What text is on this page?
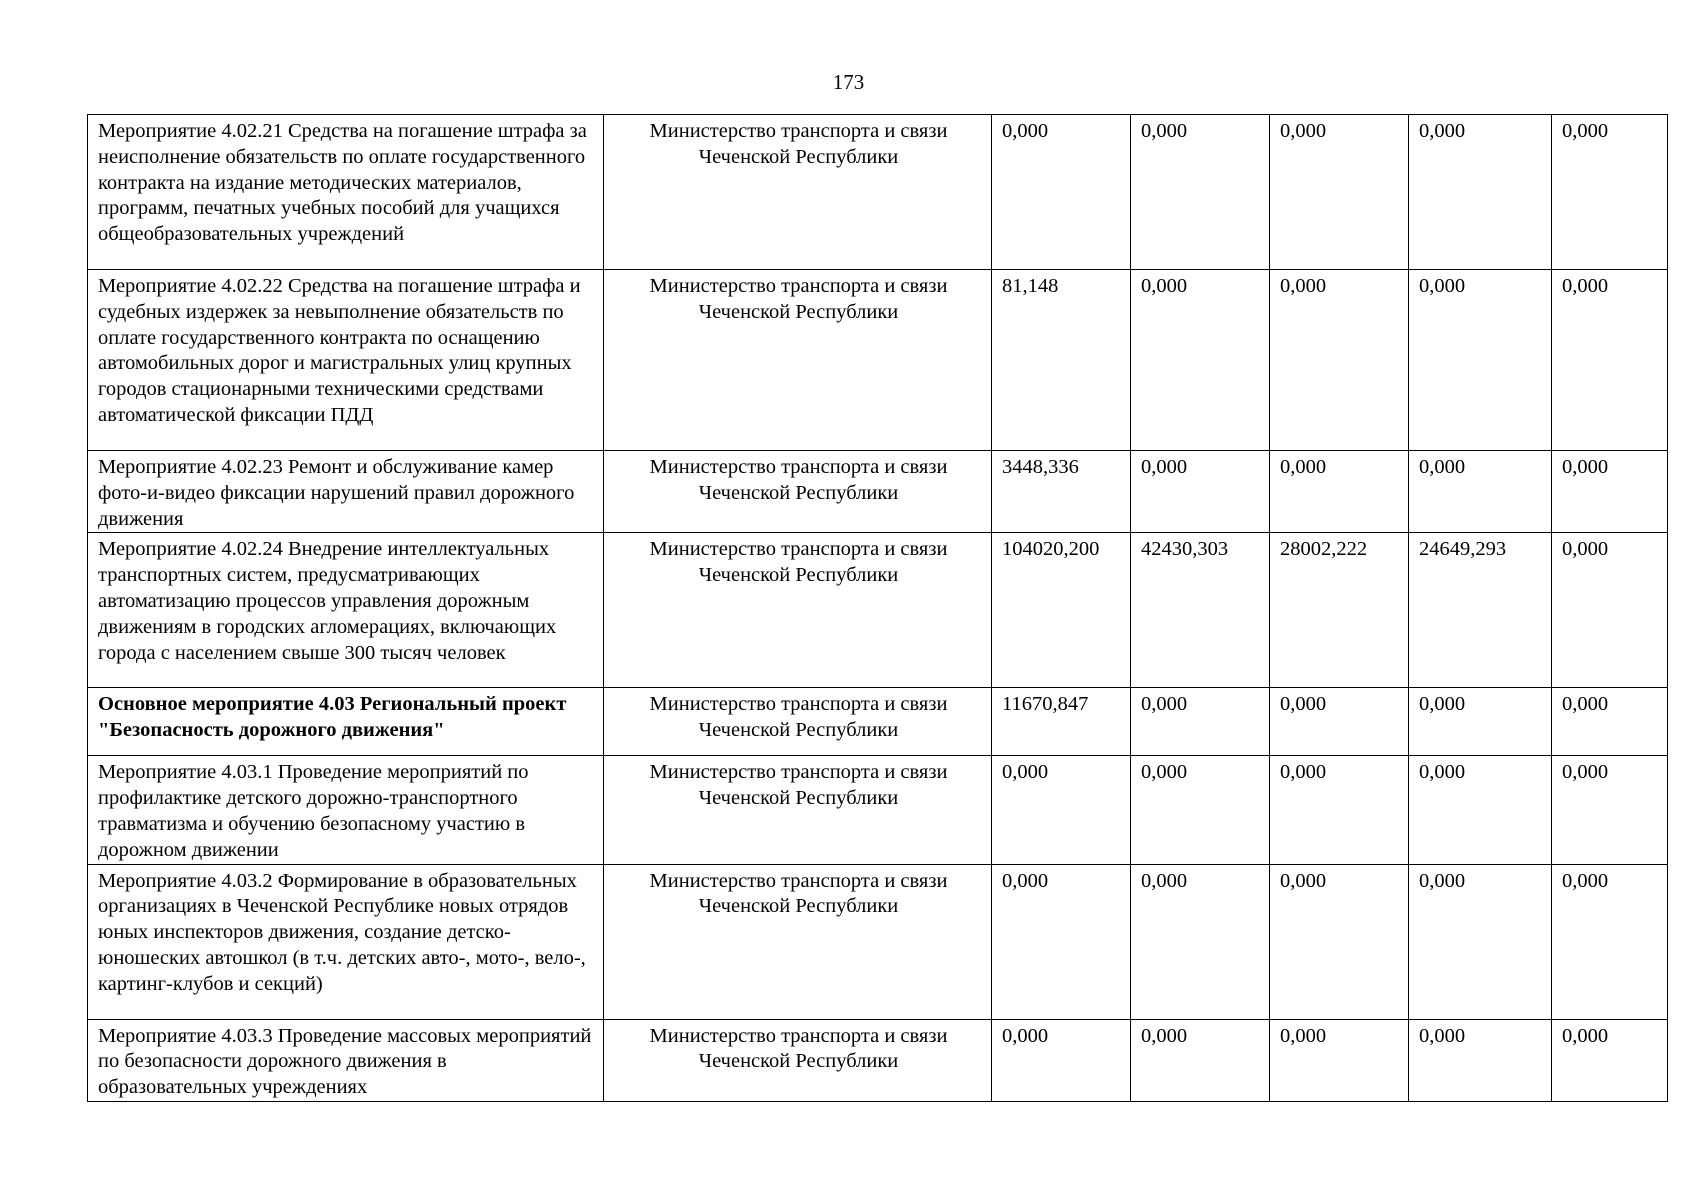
173
Мероприятие 4.02.21 Средства на погашение штрафа за неисполнение обязательств по оплате государственного контракта на издание методических материалов, программ, печатных учебных пособий для учащихся общеобразовательных учреждений	Министерство транспорта и связи Чеченской Республики	0,000	0,000	0,000	0,000	0,000
Мероприятие 4.02.22 Средства на погашение штрафа и судебных издержек за невыполнение обязательств по оплате государственного контракта по оснащению автомобильных дорог и магистральных улиц крупных городов стационарными техническими средствами автоматической фиксации ПДД	Министерство транспорта и связи Чеченской Республики	81,148	0,000	0,000	0,000	0,000
Мероприятие 4.02.23 Ремонт и обслуживание камер фото-и-видео фиксации нарушений правил дорожного движения	Министерство транспорта и связи Чеченской Республики	3448,336	0,000	0,000	0,000	0,000
Мероприятие 4.02.24 Внедрение интеллектуальных транспортных систем, предусматривающих автоматизацию процессов управления дорожным движениям в городских агломерациях, включающих города с населением свыше 300 тысяч человек	Министерство транспорта и связи Чеченской Республики	104020,200	42430,303	28002,222	24649,293	0,000
Основное мероприятие 4.03 Региональный проект "Безопасность дорожного движения"	Министерство транспорта и связи Чеченской Республики	11670,847	0,000	0,000	0,000	0,000
Мероприятие 4.03.1 Проведение мероприятий по профилактике детского дорожно-транспортного травматизма и обучению безопасному участию в дорожном движении	Министерство транспорта и связи Чеченской Республики	0,000	0,000	0,000	0,000	0,000
Мероприятие 4.03.2 Формирование в образовательных организациях в Чеченской Республике новых отрядов юных инспекторов движения, создание детско-юношеских автошкол (в т.ч. детских авто-, мото-, вело-, картинг-клубов и секций)	Министерство транспорта и связи Чеченской Республики	0,000	0,000	0,000	0,000	0,000
Мероприятие 4.03.3 Проведение массовых мероприятий по безопасности дорожного движения в образовательных учреждениях	Министерство транспорта и связи Чеченской Республики	0,000	0,000	0,000	0,000	0,000
